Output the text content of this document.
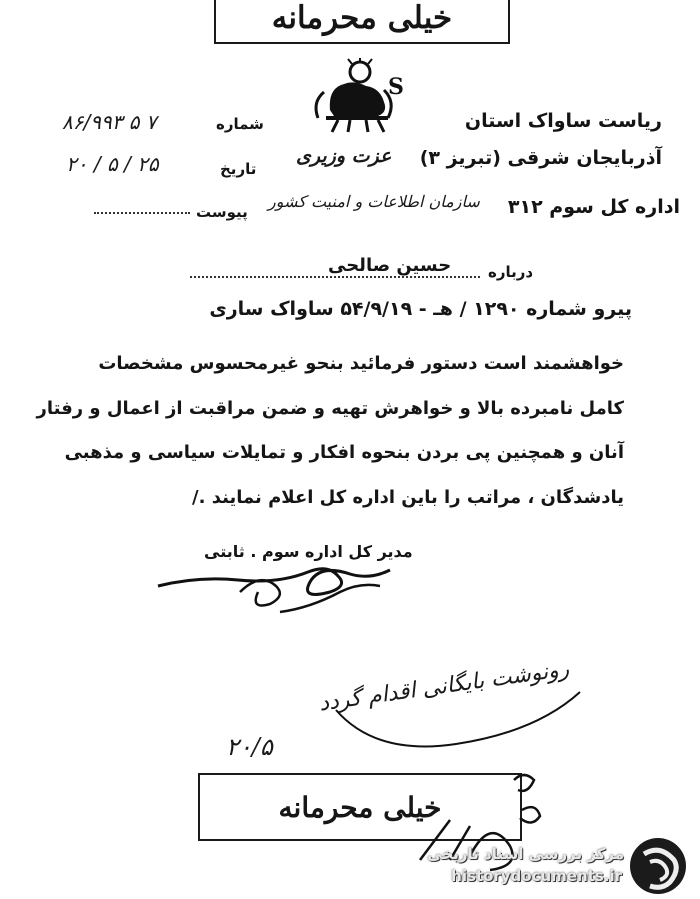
خیلی محرمانه
S
ریاست ساواک استان
آذربایجان شرقی (تبریز ۳)
عزت وزیری
اداره کل سوم ۳۱۲
سازمان اطلاعات و امنیت کشور
شماره
۸۶/۹۹۳ ۵ ۷
تاریخ
۲۰ / ۵ / ۲۵
پیوست
درباره
حسین صالحی
پیرو شماره ۱۲۹۰ / هـ - ۵۴/۹/۱۹ ساواک ساری
خواهشمند است دستور فرمائید بنحو غیرمحسوس مشخصات
کامل نامبرده بالا و خواهرش تهیه و ضمن مراقبت از اعمال و رفتار
آنان و همچنین پی بردن بنحوه افکار و تمایلات سیاسی و مذهبی
یادشدگان ، مراتب را باین اداره کل اعلام نمایند ./
مدیر کل اداره سوم . ثابتی
رونوشت بایگانی اقدام گردد
۲۰/۵
خیلی محرمانه
مرکز بررسی اسناد تاریخی
historydocuments.ir
